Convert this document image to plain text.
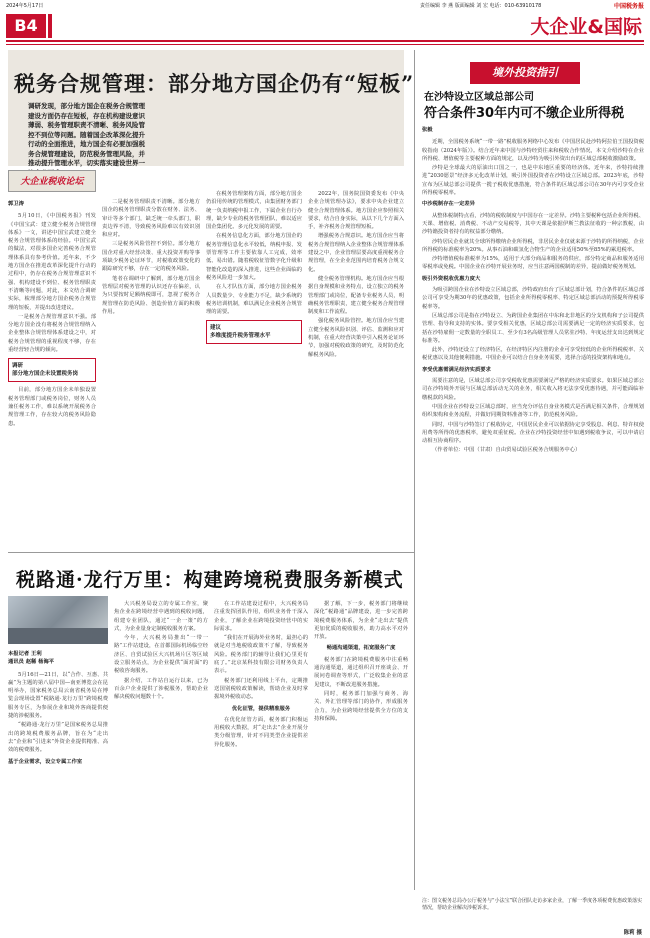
2024年5月17日	责任编辑 李 燕 版面编辑 刘 宏 电话：010-63910178	中国税务报
B4	大企业&国际
税务合规管理：部分地方国企仍有“短板”
调研发现，部分地方国企在税务合规管理建设方面仍存在短板，存在机构建设意识薄弱、税务管理职责不清晰、税务风险管控不到位等问题。随着国企改革深化提升行动的全面推进，地方国企有必要加强税务合规管理建设，防范税务管理风险，并推动提升管理水平，切实落实建设世界一
大企业税收论坛
郭卫涛

5月10日，《中国税务报》刊发《中国宝武：建立健全税务合规管理体系》一文，讲述中国宝武建立健全税务合规管理体系的经验。中国宝武的做法，对很多国企完善税务合规管理体系具有参考价值。近年来，不少地方国企在推进改革深化提升行动的过程中，仍存在税务合规管理意识不强、机构建设不到位、税务管理职责不清晰等问题，对此，本文结合调研实际，梳理部分地方国企税务合规管理的短板，并提出改进建议。

一是税务合规管理意识不强。部分地方国企没有将税务合规管理纳入企业整体合规管理体系建设之中，对税务合规管理的重视程度不够，存在重经营轻合规的倾向。

调研
部分地方国企未设置税务岗

目前，部分地方国企未单独设置税务管理部门或税务岗位，财务人员兼任税务工作，难以系统开展税务合规管理工作，存在较大的税务风险隐患。

二是税务管理职责不清晰。部分地方国企的税务管理职责分散在财务、法务、审计等多个部门，缺乏统一牵头部门，职责边界不清，导致税务风险难以有效识别和应对。

三是税务风险管控不到位。部分地方国企对重大经营决策、重大投资并购等事项缺少税务论证环节，对税收政策变化的跟踪研究不够，存在一定的税务风险。

笔者在调研中了解到，部分地方国企管理层对税务管理的认识还存在偏差，认为只要按时足额纳税即可，忽视了税务合规管理在防范风险、创造价值方面的积极作用。

在税务管理架构方面，部分地方国企仍沿用传统的管理模式，由集团财务部门统一负责纳税申报工作，下属企业自行办理，缺少专业的税务管理团队，难以适应国企集团化、多元化发展的需要。

在税务信息化方面，部分地方国企的税务管理信息化水平较低，纳税申报、发票管理等工作主要依靠人工完成，效率低、易出错。随着税收征管数字化升级和智能化改造的深入推进，这些企业面临的税务风险进一步加大。

在人才队伍方面，部分地方国企税务人员数量少、专业能力不足，缺少系统的税务培训机制，难以满足企业税务合规管理的需要。

建议
多维度提升税务管理水平

2022年，国务院国资委发布《中央企业合规管理办法》，要求中央企业建立健全合规管理体系。地方国企应参照相关要求，结合自身实际，从以下几个方面入手，补齐税务合规管理短板。

增强税务合规意识。地方国企应当将税务合规管理纳入企业整体合规管理体系建设之中，企业管理层要高度重视税务合规管理，在全企业范围内培育税务合规文化。

健全税务管理机构。地方国企应当根据自身规模和业务特点，设立独立的税务管理部门或岗位，配备专业税务人员，明确税务管理职责，建立健全税务合规管理制度和工作流程。

强化税务风险管控。地方国企应当建立健全税务风险识别、评估、监测和应对机制，在重大经营决策中引入税务论证环节，加强对税收政策的研究，及时防范化解税务风险。

境外投资指引
在沙特设立区域总部公司
符合条件30年内可不缴企业所得税
张毅

近期，全国税务系统“一带一路”税收服务网络中心发布《中国居民赴沙特阿拉伯王国投资税收指南（2024年版）》。结合近年来中国与沙特经贸往来和税收合作情况，本文介绍沙特在企业所得税、增值税等主要税种方面的规定，以及沙特为吸引外资出台的区域总部税收激励政策。

沙特是全球最大的原油出口国之一，也是中东地区重要的经济体。近年来，沙特持续推进“2030愿景”经济多元化改革计划，吸引外国投资者在沙特设立区域总部。2023年底，沙特宣布为区域总部公司提供一揽子税收优惠措施，符合条件的区域总部公司在30年内可享受企业所得税零税率。

中沙税制存在一定差异

从整体税制特点看，沙特的税收制度与中国存在一定差异。沙特主要税种包括企业所得税、天课、增值税、消费税、不动产交易税等，其中天课是依据伊斯兰教法征收的一种宗教税，由沙特籍投资者持有的权益部分缴纳。

沙特居民企业就其全球所得缴纳企业所得税，非居民企业仅就来源于沙特的所得纳税，企业所得税的标准税率为20%。从事石油和碳氢化合物生产的企业适用50%至85%的累进税率。

沙特增值税标准税率为15%，适用于大部分商品和服务的供应，部分特定商品和服务适用零税率或免税。中国企业在沙特开展业务时，应当注意两国税制的差异，提前做好税务规划。

吸引外资税收优惠力度大

为吸引跨国企业在沙特设立区域总部，沙特政府出台了区域总部计划，符合条件的区域总部公司可享受为期30年的优惠政策，包括企业所得税零税率、特定区域总部活动的预提所得税零税率等。

区域总部公司是指在沙特设立、为跨国企业集团在中东和北非地区的分支机构和子公司提供管理、指导和支持的实体。要享受相关优惠，区域总部公司需要满足一定的经济实质要求，包括在沙特雇佣一定数量的全职员工、至少有3名高级管理人员常驻沙特、年度运营支出达到规定标准等。

此外，沙特还设立了经济特区，在经济特区内注册的企业可享受较低的企业所得税税率、关税优惠以及其他便利措施。中国企业可以结合自身业务需要，选择合适的投资架构和地点。

享受优惠需满足经济实质要求

需要注意的是，区域总部公司享受税收优惠需要满足严格的经济实质要求。如果区域总部公司在沙特境外开展与区域总部活动无关的业务，相关收入将无法享受优惠待遇，并可能面临补缴税款的风险。

中国企业在沙特设立区域总部时，应当充分评估自身业务模式是否满足相关条件，合理规划组织架构和业务流程，并做好同期资料准备等工作，防范税务风险。

同时，中国与沙特签订了税收协定，中国居民企业可以依据协定享受股息、利息、特许权使用费等所得的优惠税率，避免双重征税。企业在沙特投资经营中如遇到税收争议，可以申请启动相互协商程序。

（作者单位：中国（甘肃）自由贸易试验区税务合规服务中心）

注：图文税务总局办公厅税务与“小法宝”联合团队走访多家企业，了解一季度各项税费优惠政策落实情况，帮助企业解决涉税诉求。
陈莉 摄
税路通·龙行万里：构建跨境税费服务新模式
本报记者 王利
通讯员 赵稀 杨海平

5月16日—21日，以“合作、互惠、共赢”为主题的第八届中国—南亚博览会在昆明举办，国家税务总局云南省税务局在博览会现场设置“税路通·龙行万里”跨境税费服务专区，为参展企业和境外客商提供便捷的涉税服务。

“税路通·龙行万里”是国家税务总局推出的跨境税费服务品牌，旨在为“走出去”企业和“引进来”外资企业提供精准、高效的税费服务。

基于企业需求，设立专属工作室

大兴税务局设立的专属工作室，聚焦企业在跨境经营中遇到的税收问题，组建专业团队，通过“一企一策”的方式，为企业量身定制税收服务方案。

今年，大兴税务局推出“一带一路”工作站建设，在首都国际机场临空经济区、自贸试验区大兴机场片区等区域设立服务站点，为企业提供“面对面”的税收咨询服务。

据介绍，工作站自运行以来，已为百余户企业提供了涉税服务，帮助企业解决税收问题数十个。

在工作站建设过程中，大兴税务局注重发挥团队作用，组织业务骨干深入企业，了解企业在跨境投资经营中的实际需求。

“我们在开展海外业务时，最担心的就是对当地税收政策不了解，导致税务风险。税务部门的辅导让我们心里更有底了。”北京某科技有限公司财务负责人表示。

税务部门还利用线上平台，定期推送国别税收政策解读，帮助企业及时掌握境外税收动态。

优化征管，提供精准服务

在优化征管方面，税务部门积极运用税收大数据，对“走出去”企业开展分类分级管理，针对不同类型企业提供差异化服务。

据了解，下一步，税务部门将继续深化“税路通”品牌建设，进一步完善跨境税费服务体系，为企业“走出去”提供更加优质的税收服务，助力高水平对外开放。

畅通沟通渠道，拓宽服务广度

税务部门在跨境税费服务中注重畅通沟通渠道，通过组织召开座谈会、开展问卷调查等形式，广泛收集企业的意见建议，不断改进服务措施。

同时，税务部门加强与商务、海关、外汇管理等部门的协作，形成服务合力，为企业跨境经营提供全方位的支持和保障。
